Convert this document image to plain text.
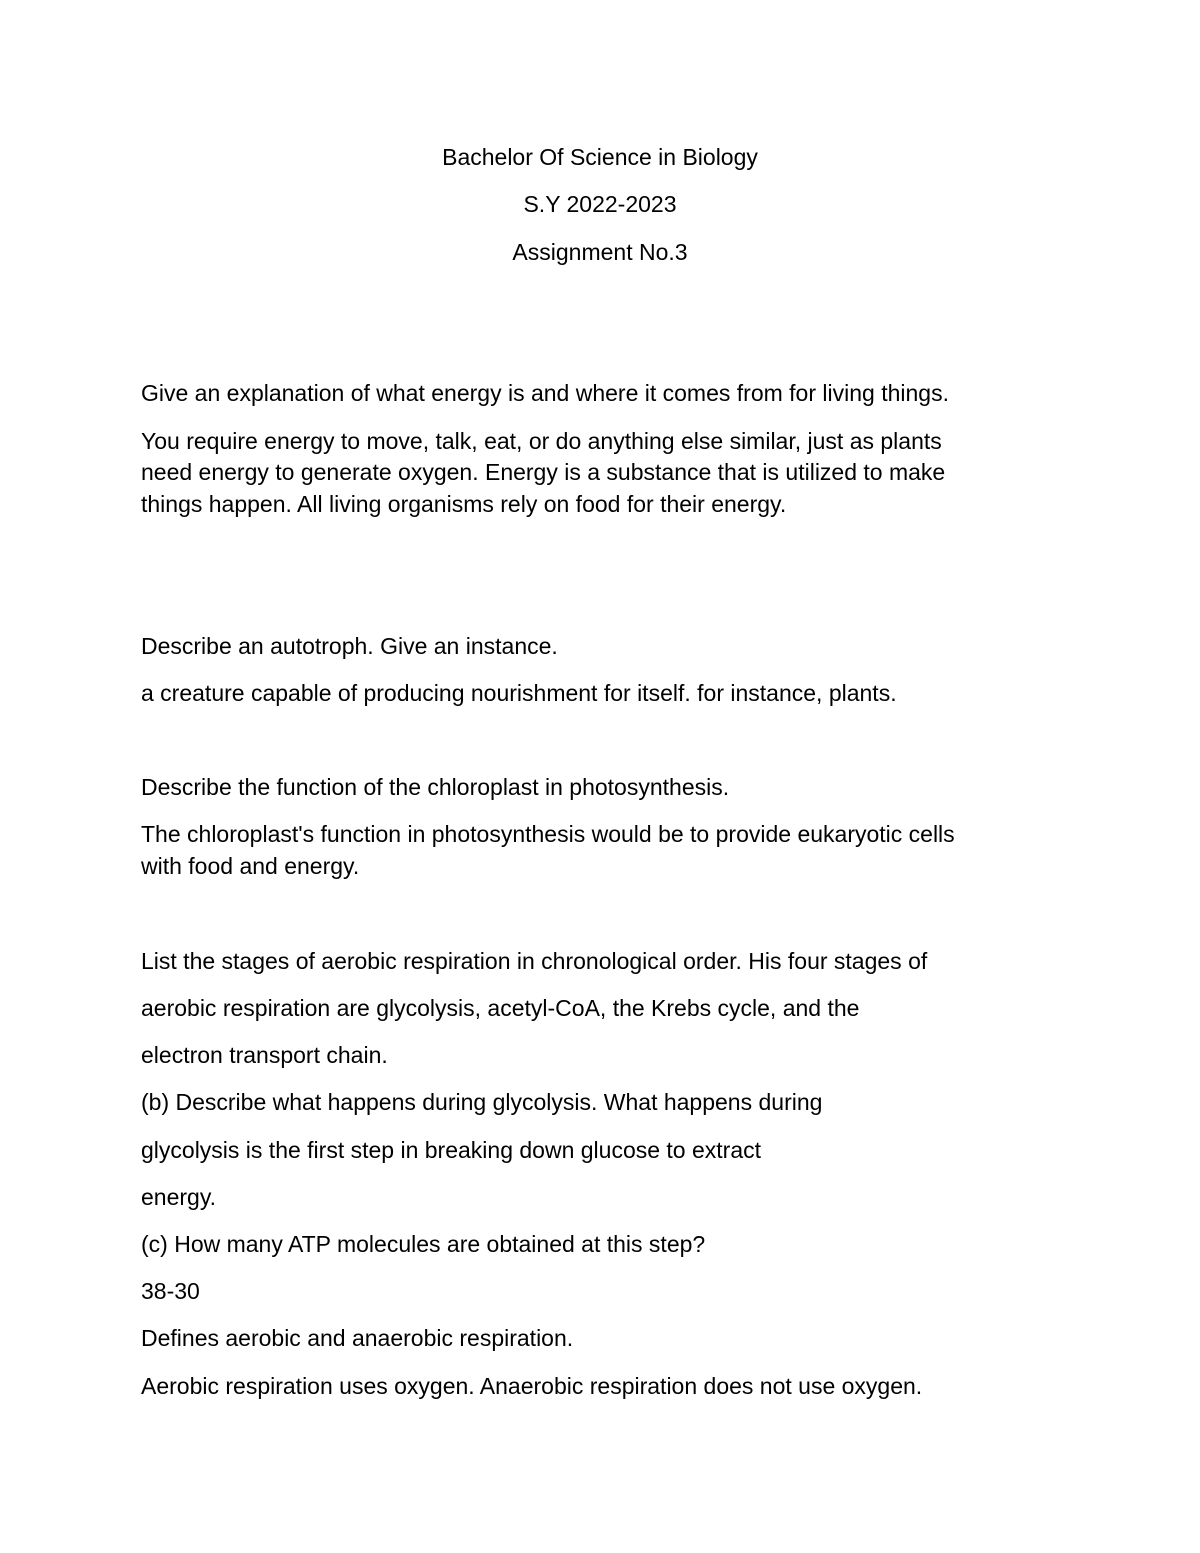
Bachelor Of Science in Biology
S.Y 2022-2023
Assignment No.3
Give an explanation of what energy is and where it comes from for living things.
You require energy to move, talk, eat, or do anything else similar, just as plants
need energy to generate oxygen. Energy is a substance that is utilized to make
things happen. All living organisms rely on food for their energy.
Describe an autotroph. Give an instance.
a creature capable of producing nourishment for itself. for instance, plants.
Describe the function of the chloroplast in photosynthesis.
The chloroplast's function in photosynthesis would be to provide eukaryotic cells
with food and energy.
List the stages of aerobic respiration in chronological order. His four stages of
aerobic respiration are glycolysis, acetyl-CoA, the Krebs cycle, and the
electron transport chain.
(b) Describe what happens during glycolysis. What happens during
glycolysis is the first step in breaking down glucose to extract
energy.
(c) How many ATP molecules are obtained at this step?
38-30
Defines aerobic and anaerobic respiration.
Aerobic respiration uses oxygen. Anaerobic respiration does not use oxygen.
